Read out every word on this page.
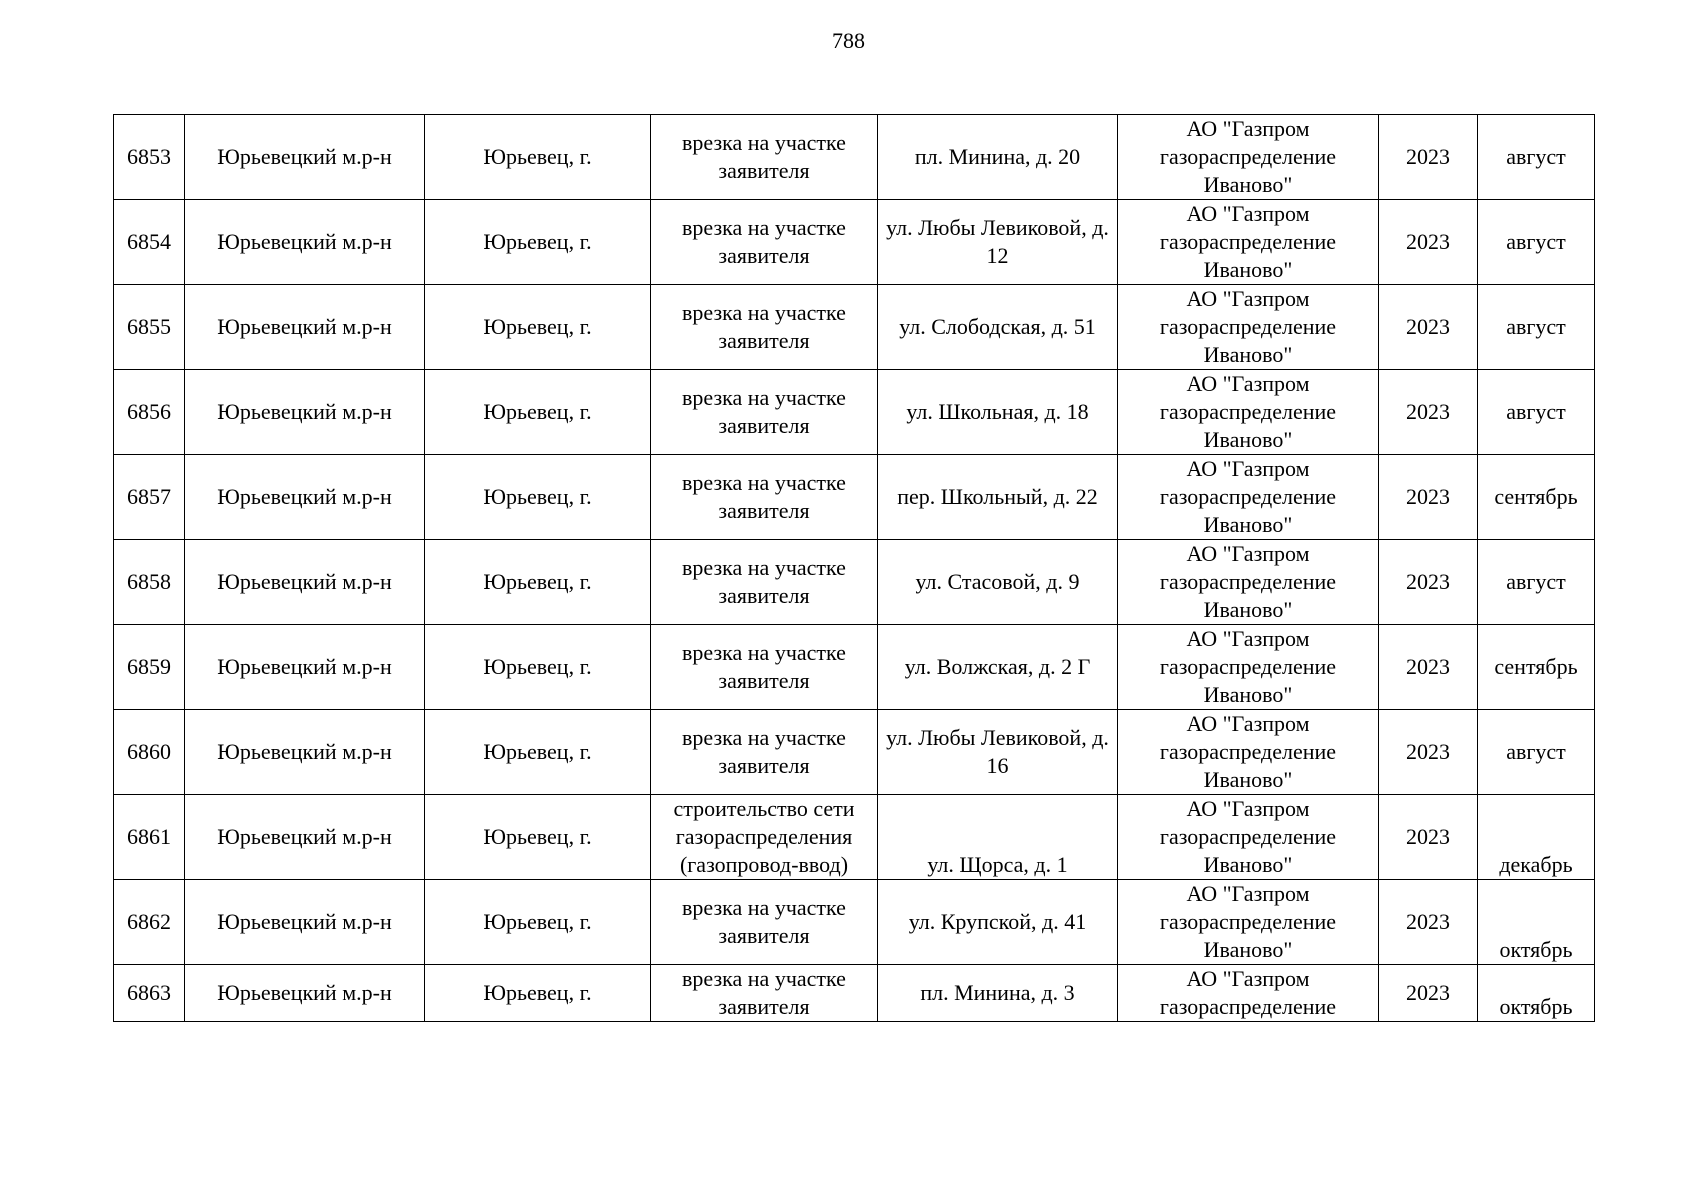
788
6853	Юрьевецкий м.р-н	Юрьевец, г.	врезка на участке заявителя	пл. Минина, д. 20	АО "Газпром газораспределение Иваново"	2023	август
6854	Юрьевецкий м.р-н	Юрьевец, г.	врезка на участке заявителя	ул. Любы Левиковой, д. 12	АО "Газпром газораспределение Иваново"	2023	август
6855	Юрьевецкий м.р-н	Юрьевец, г.	врезка на участке заявителя	ул. Слободская, д. 51	АО "Газпром газораспределение Иваново"	2023	август
6856	Юрьевецкий м.р-н	Юрьевец, г.	врезка на участке заявителя	ул. Школьная, д. 18	АО "Газпром газораспределение Иваново"	2023	август
6857	Юрьевецкий м.р-н	Юрьевец, г.	врезка на участке заявителя	пер. Школьный, д. 22	АО "Газпром газораспределение Иваново"	2023	сентябрь
6858	Юрьевецкий м.р-н	Юрьевец, г.	врезка на участке заявителя	ул. Стасовой, д. 9	АО "Газпром газораспределение Иваново"	2023	август
6859	Юрьевецкий м.р-н	Юрьевец, г.	врезка на участке заявителя	ул. Волжская, д. 2 Г	АО "Газпром газораспределение Иваново"	2023	сентябрь
6860	Юрьевецкий м.р-н	Юрьевец, г.	врезка на участке заявителя	ул. Любы Левиковой, д. 16	АО "Газпром газораспределение Иваново"	2023	август
6861	Юрьевецкий м.р-н	Юрьевец, г.	строительство сети газораспределения (газопровод-ввод)	ул. Щорса, д. 1	АО "Газпром газораспределение Иваново"	2023	декабрь
6862	Юрьевецкий м.р-н	Юрьевец, г.	врезка на участке заявителя	ул. Крупской, д. 41	АО "Газпром газораспределение Иваново"	2023	октябрь
6863	Юрьевецкий м.р-н	Юрьевец, г.	врезка на участке заявителя	пл. Минина, д. 3	АО "Газпром газораспределение	2023	октябрь
